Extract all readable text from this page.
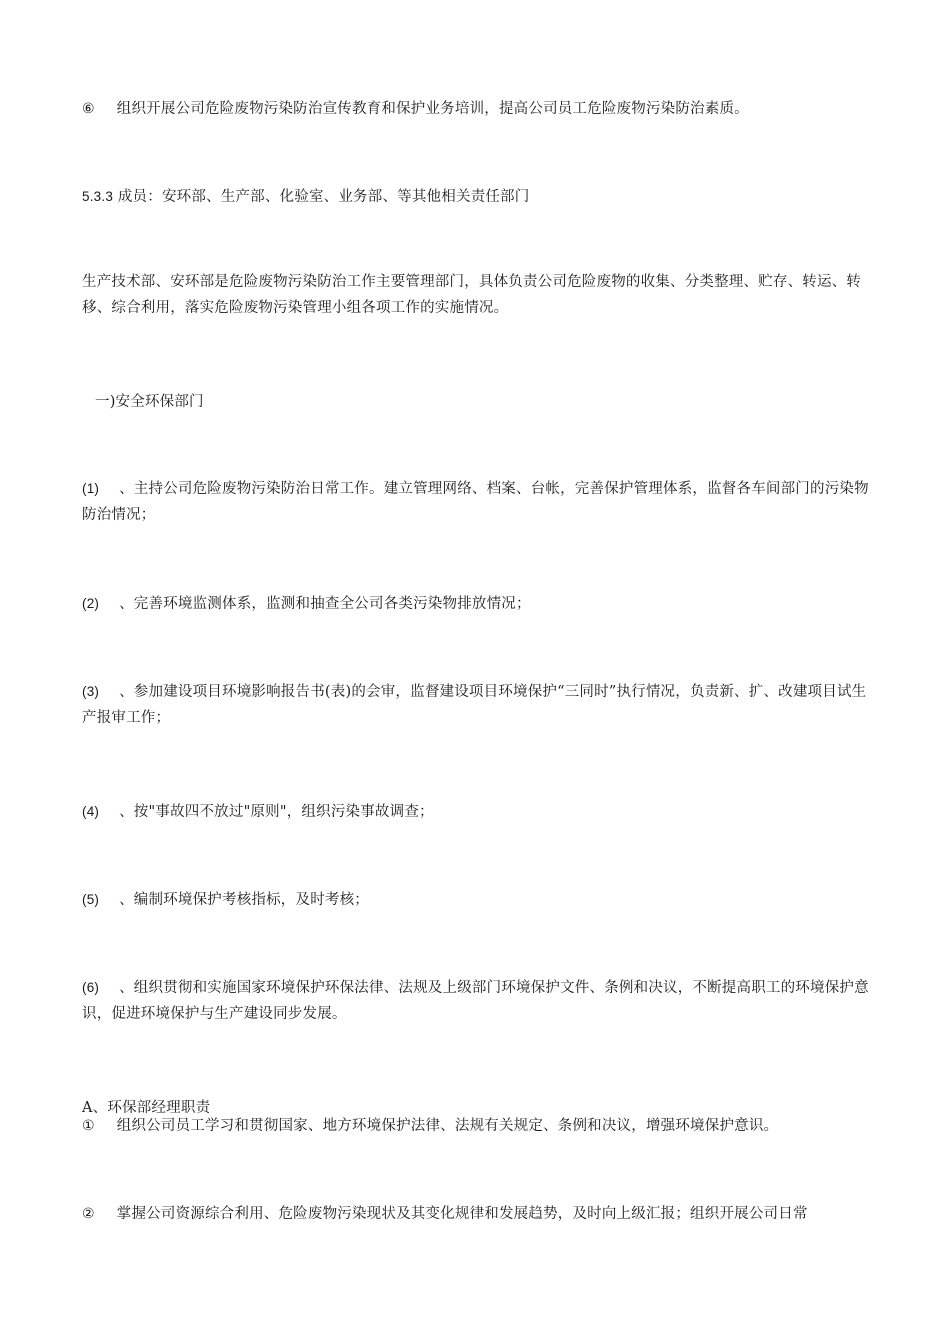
⑥ 组织开展公司危险废物污染防治宣传教育和保护业务培训，提高公司员工危险废物污染防治素质。
5.3.3 成员：安环部、生产部、化验室、业务部、等其他相关责任部门
生产技术部、安环部是危险废物污染防治工作主要管理部门，具体负责公司危险废物的收集、分类整理、贮存、转运、转移、综合利用，落实危险废物污染管理小组各项工作的实施情况。
一)安全环保部门
(1) 、主持公司危险废物污染防治日常工作。建立管理网络、档案、台帐，完善保护管理体系，监督各车间部门的污染物防治情况；
(2) 、完善环境监测体系，监测和抽查全公司各类污染物排放情况；
(3) 、参加建设项目环境影响报告书(表)的会审，监督建设项目环境保护“三同时”执行情况，负责新、扩、改建项目试生产报审工作；
(4) 、按"事故四不放过"原则"，组织污染事故调查；
(5) 、编制环境保护考核指标，及时考核；
(6) 、组织贯彻和实施国家环境保护环保法律、法规及上级部门环境保护文件、条例和决议，不断提高职工的环境保护意识，促进环境保护与生产建设同步发展。
A、环保部经理职责
① 组织公司员工学习和贯彻国家、地方环境保护法律、法规有关规定、条例和决议，增强环境保护意识。
② 掌握公司资源综合利用、危险废物污染现状及其变化规律和发展趋势，及时向上级汇报；组织开展公司日常
